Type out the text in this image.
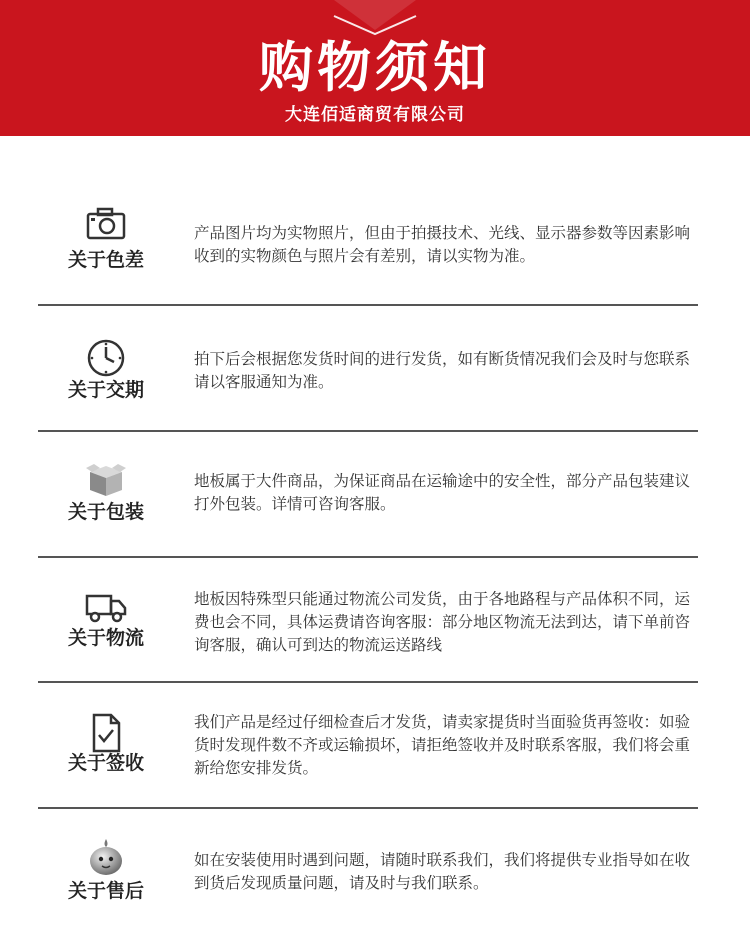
购物须知
大连佰适商贸有限公司
关于色差
产品图片均为实物照片，但由于拍摄技术、光线、显示器参数等因素影响收到的实物颜色与照片会有差别，请以实物为准。
关于交期
拍下后会根据您发货时间的进行发货，如有断货情况我们会及时与您联系请以客服通知为准。
关于包装
地板属于大件商品，为保证商品在运输途中的安全性，部分产品包装建议打外包装。详情可咨询客服。
关于物流
地板因特殊型只能通过物流公司发货，由于各地路程与产品体积不同，运费也会不同，具体运费请咨询客服：部分地区物流无法到达，请下单前咨询客服，确认可到达的物流运送路线
关于签收
我们产品是经过仔细检查后才发货，请卖家提货时当面验货再签收：如验货时发现件数不齐或运输损坏，请拒绝签收并及时联系客服，我们将会重新给您安排发货。
关于售后
如在安装使用时遇到问题，请随时联系我们，我们将提供专业指导如在收到货后发现质量问题，请及时与我们联系。
